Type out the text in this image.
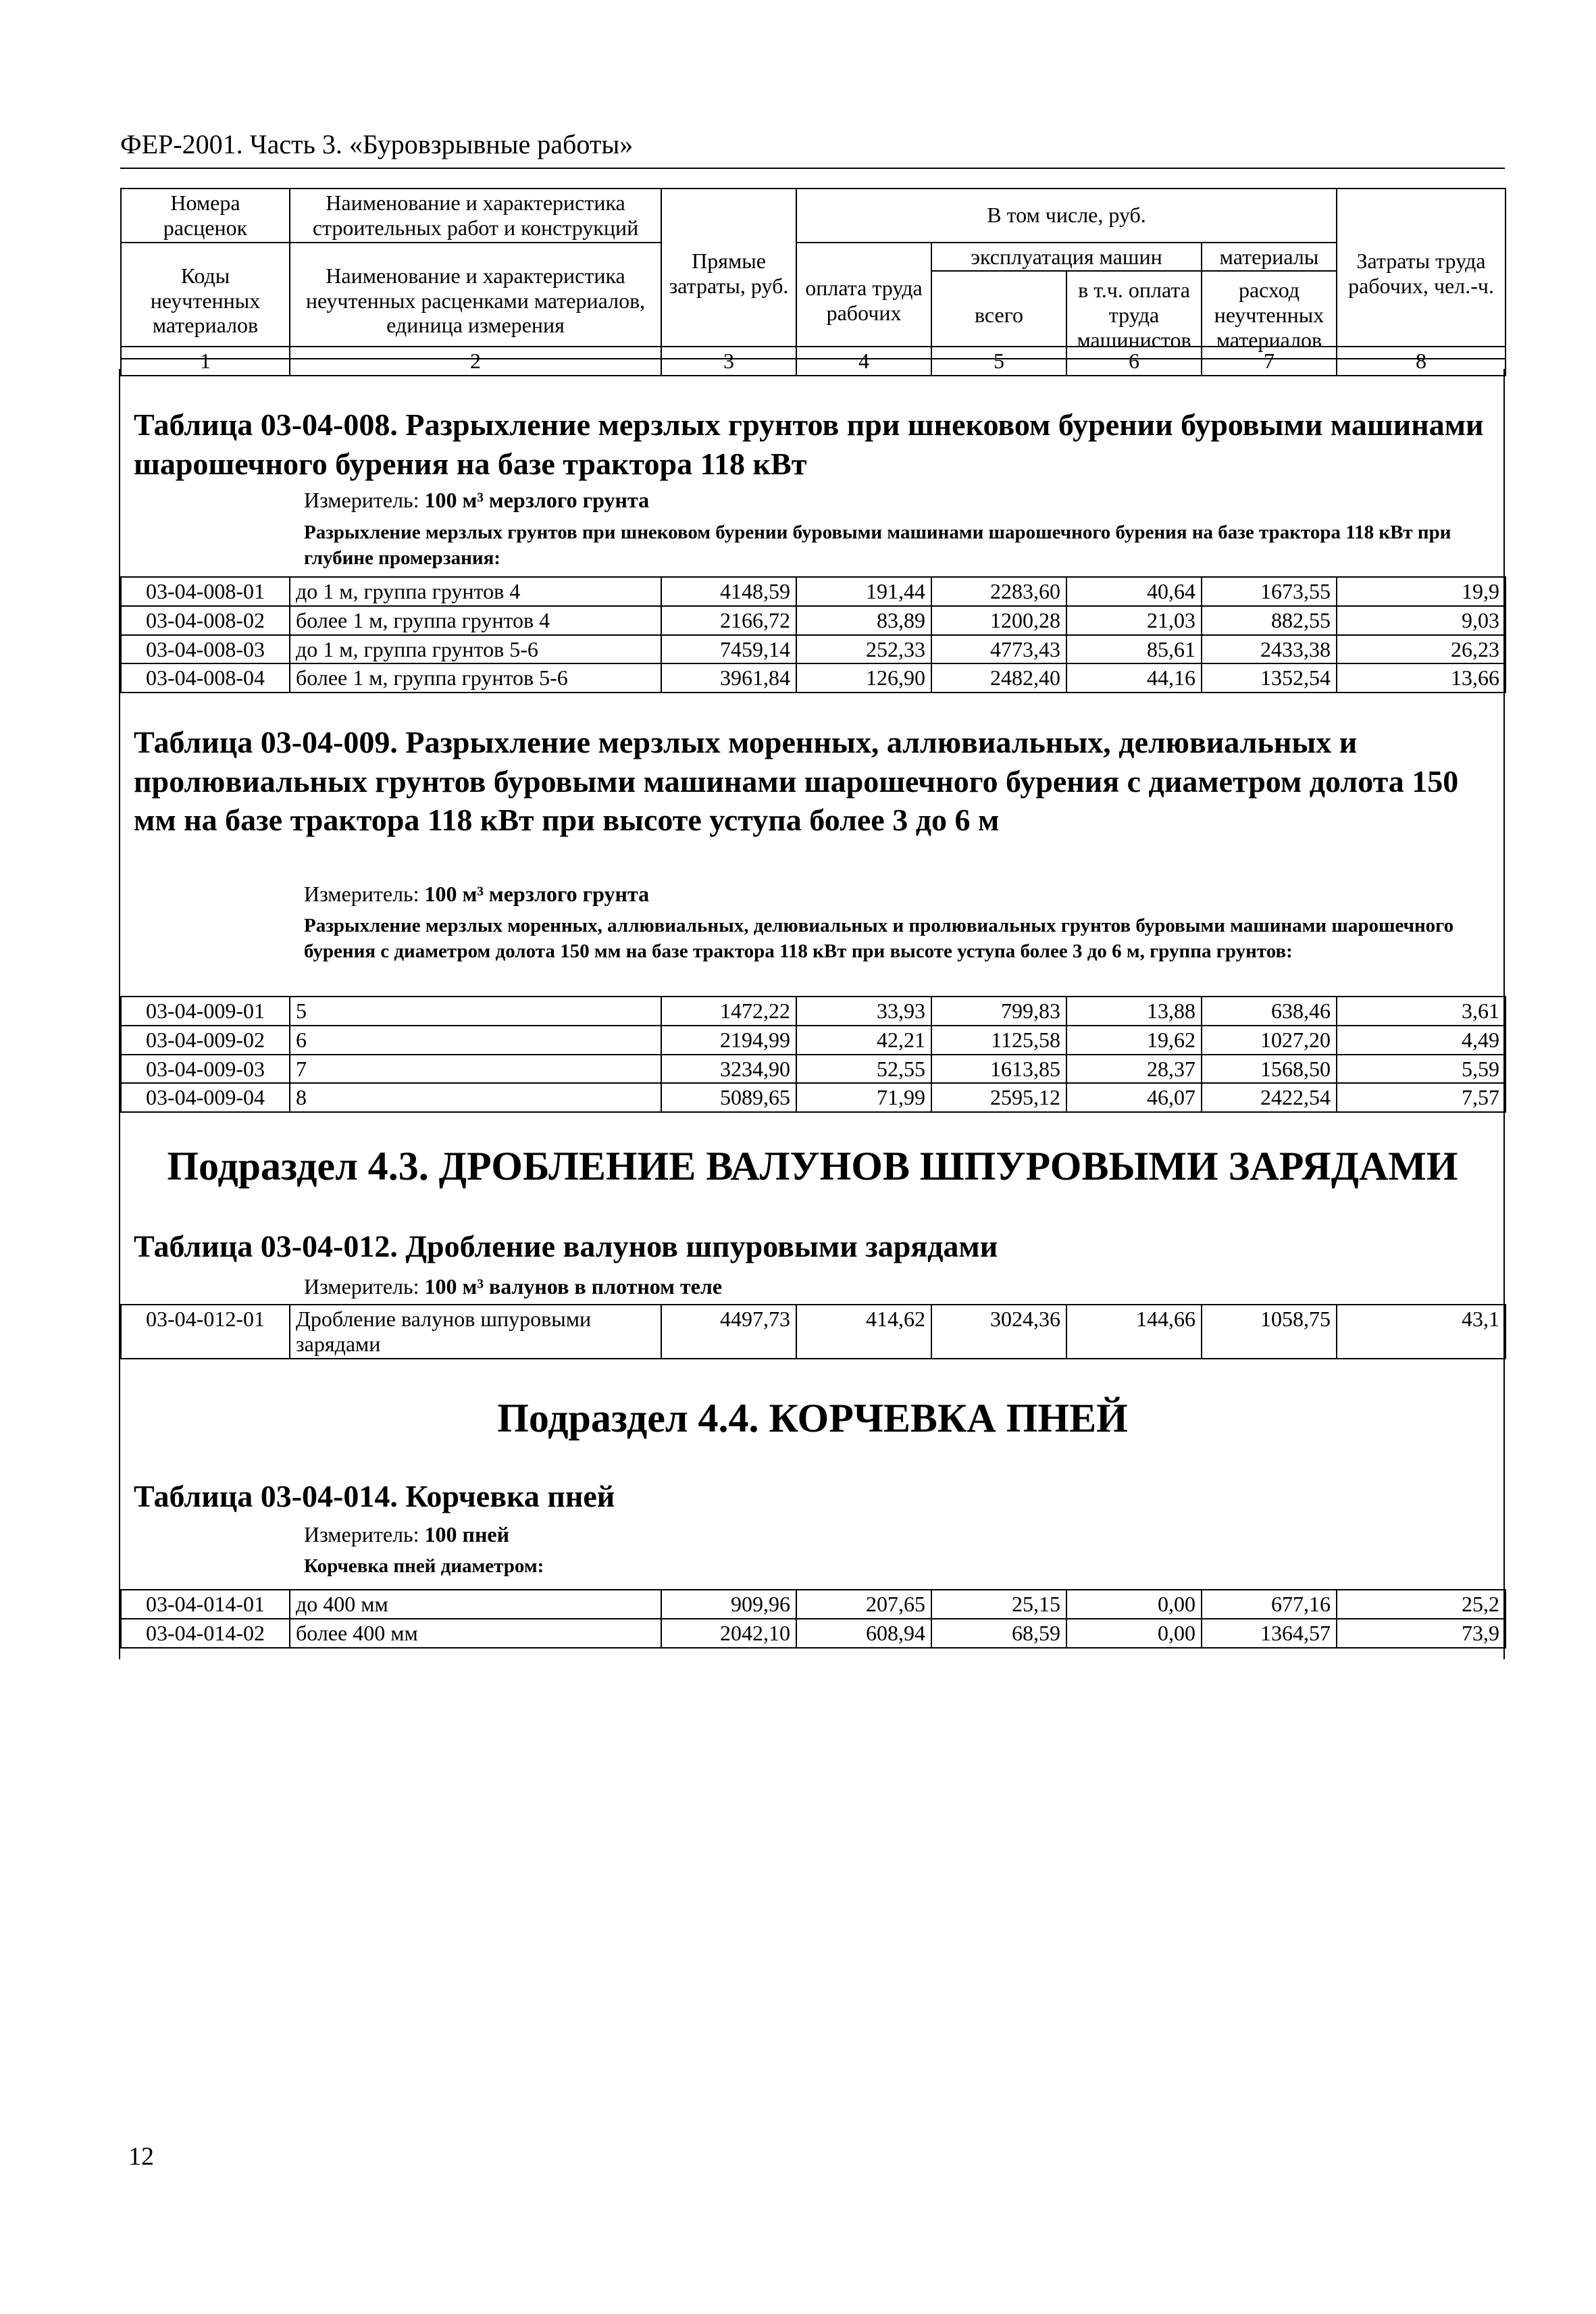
ФЕР-2001. Часть 3. «Буровзрывные работы»
Номера расценок	Наименование и характеристика строительных работ и конструкций	Прямые затраты, руб.	В том числе, руб.				Затраты труда рабочих, чел.-ч.
Коды неучтенных материалов	Наименование и характеристика неучтенных расценками материалов, единица измерения		оплата труда рабочих	эксплуатация машин		материалы	
				всего	в т.ч. оплата труда машинистов	расход неучтенных материалов	

1	2	3	4	5	6	7	8
Таблица 03-04-008. Разрыхление мерзлых грунтов при шнековом бурении буровыми машинами шарошечного бурения на базе трактора 118 кВт
Измеритель: 100 м³ мерзлого грунта
Разрыхление мерзлых грунтов при шнековом бурении буровыми машинами шарошечного бурения на базе трактора 118 кВт при глубине промерзания:
03-04-008-01	до 1 м, группа грунтов 4	4148,59	191,44	2283,60	40,64	1673,55	19,9
03-04-008-02	более 1 м, группа грунтов 4	2166,72	83,89	1200,28	21,03	882,55	9,03
03-04-008-03	до 1 м, группа грунтов 5-6	7459,14	252,33	4773,43	85,61	2433,38	26,23
03-04-008-04	более 1 м, группа грунтов 5-6	3961,84	126,90	2482,40	44,16	1352,54	13,66
Таблица 03-04-009. Разрыхление мерзлых моренных, аллювиальных, делювиальных и пролювиальных грунтов буровыми машинами шарошечного бурения с диаметром долота 150 мм на базе трактора 118 кВт при высоте уступа более 3 до 6 м
Измеритель: 100 м³ мерзлого грунта
Разрыхление мерзлых моренных, аллювиальных, делювиальных и пролювиальных грунтов буровыми машинами шарошечного бурения с диаметром долота 150 мм на базе трактора 118 кВт при высоте уступа более 3 до 6 м, группа грунтов:
03-04-009-01	5	1472,22	33,93	799,83	13,88	638,46	3,61
03-04-009-02	6	2194,99	42,21	1125,58	19,62	1027,20	4,49
03-04-009-03	7	3234,90	52,55	1613,85	28,37	1568,50	5,59
03-04-009-04	8	5089,65	71,99	2595,12	46,07	2422,54	7,57
Подраздел 4.3. ДРОБЛЕНИЕ ВАЛУНОВ ШПУРОВЫМИ ЗАРЯДАМИ
Таблица 03-04-012. Дробление валунов шпуровыми зарядами
Измеритель: 100 м³ валунов в плотном теле
03-04-012-01	Дробление валунов шпуровыми зарядами	4497,73	414,62	3024,36	144,66	1058,75	43,1
Подраздел 4.4. КОРЧЕВКА ПНЕЙ
Таблица 03-04-014. Корчевка пней
Измеритель: 100 пней
Корчевка пней диаметром:
03-04-014-01	до 400 мм	909,96	207,65	25,15	0,00	677,16	25,2
03-04-014-02	более 400 мм	2042,10	608,94	68,59	0,00	1364,57	73,9
12
